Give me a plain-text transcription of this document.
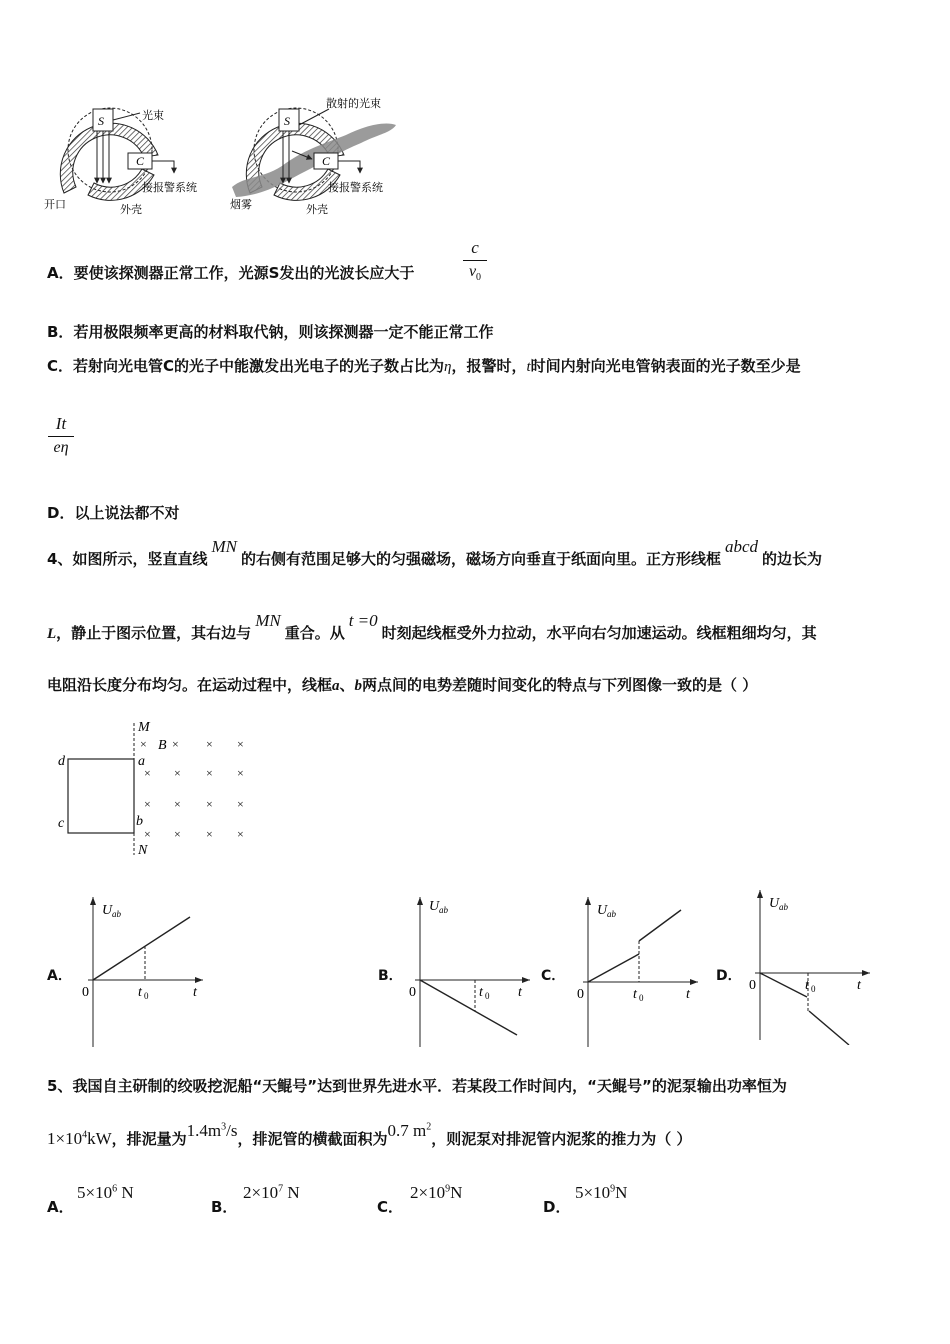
S	光束
C
接报警系统
开口	外壳
S
散射的光束
C
接报警系统
烟雾	外壳
A．要使该探测器正常工作，光源S发出的光波长应大于
c
$v_0$
B．若用极限频率更高的材料取代钠，则该探测器一定不能正常工作
C．若射向光电管C的光子中能激发出光电子的光子数占比为η，报警时，t时间内射向光电管钠表面的光子数至少是
It
eη
D．以上说法都不对
4、如图所示，竖直直线MN的右侧有范围足够大的匀强磁场，磁场方向垂直于纸面向里。正方形线框abcd的边长为
L，静止于图示位置，其右边与MN重合。从t =0时刻起线框受外力拉动，水平向右匀加速运动。线框粗细均匀，其
电阻沿长度分布均匀。在运动过程中，线框a、b两点间的电势差随时间变化的特点与下列图像一致的是（ ）
M
N
B
a
b
c
d
×	× ×
× × × ×
× × × ×
× × × ×
×
A．	B．	C．	D．
U ab
0	t 0	t
U ab
0	t 0 t
U ab
0	t 0	t
U ab
0	t 0	t
5、我国自主研制的绞吸挖泥船“天鲲号”达到世界先进水平．若某段工作时间内，“天鲲号”的泥泵输出功率恒为
$1\times 10^4kW$，排泥量为$1.4m^3/s$，排泥管的横截面积为0.7 $m^2$，则泥泵对排泥管内泥浆的推力为（ ）
A．
$5\times 10^6$ N
B．
$2\times 10^7$ N
C．
$2\times 10^9N$
D．
$5\times 10^9N$
